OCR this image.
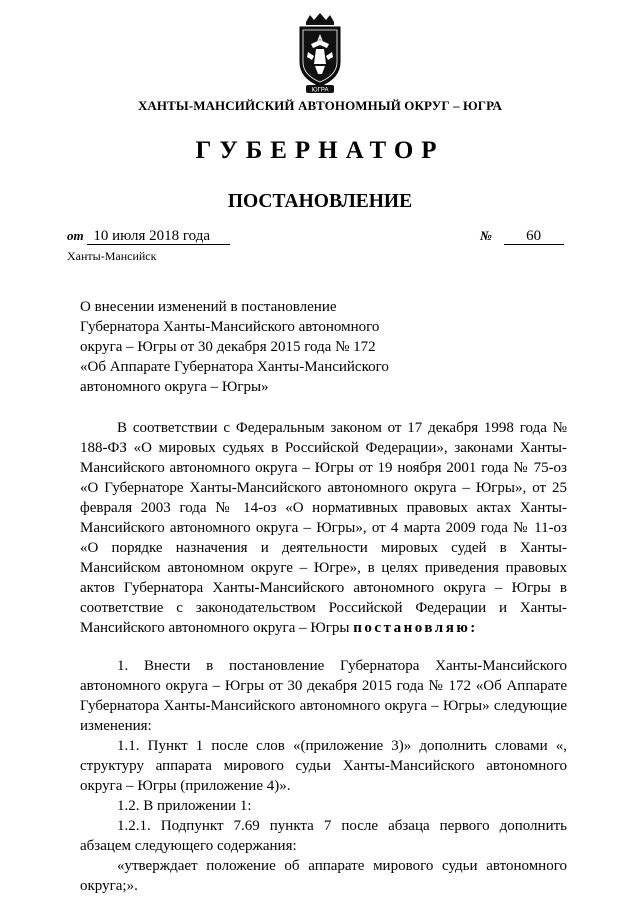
ЮГРА
ХАНТЫ-МАНСИЙСКИЙ АВТОНОМНЫЙ ОКРУГ – ЮГРА
ГУБЕРНАТОР
ПОСТАНОВЛЕНИЕ
от 10 июля 2018 года	№ 60
Ханты-Мансийск
О внесении изменений в постановление
Губернатора Ханты-Мансийского автономного
округа – Югры от 30 декабря 2015 года № 172
«Об Аппарате Губернатора Ханты-Мансийского
автономного округа – Югры»

В соответствии с Федеральным законом от 17 декабря 1998 года № 188-ФЗ «О мировых судьях в Российской Федерации», законами Ханты-Мансийского автономного округа – Югры от 19 ноября 2001 года № 75-оз «О Губернаторе Ханты-Мансийского автономного округа – Югры», от 25 февраля 2003 года № 14-оз «О нормативных правовых актах Ханты-Мансийского автономного округа – Югры», от 4 марта 2009 года № 11-оз «О порядке назначения и деятельности мировых судей в Ханты-Мансийском автономном округе – Югре», в целях приведения правовых актов Губернатора Ханты-Мансийского автономного округа – Югры в соответствие с законодательством Российской Федерации и Ханты-Мансийского автономного округа – Югры постановляю:

1. Внести в постановление Губернатора Ханты-Мансийского автономного округа – Югры от 30 декабря 2015 года № 172 «Об Аппарате Губернатора Ханты-Мансийского автономного округа – Югры» следующие изменения:

1.1. Пункт 1 после слов «(приложение 3)» дополнить словами «, структуру аппарата мирового судьи Ханты-Мансийского автономного округа – Югры (приложение 4)».

1.2. В приложении 1:

1.2.1. Подпункт 7.69 пункта 7 после абзаца первого дополнить абзацем следующего содержания:

«утверждает положение об аппарате мирового судьи автономного округа;».
